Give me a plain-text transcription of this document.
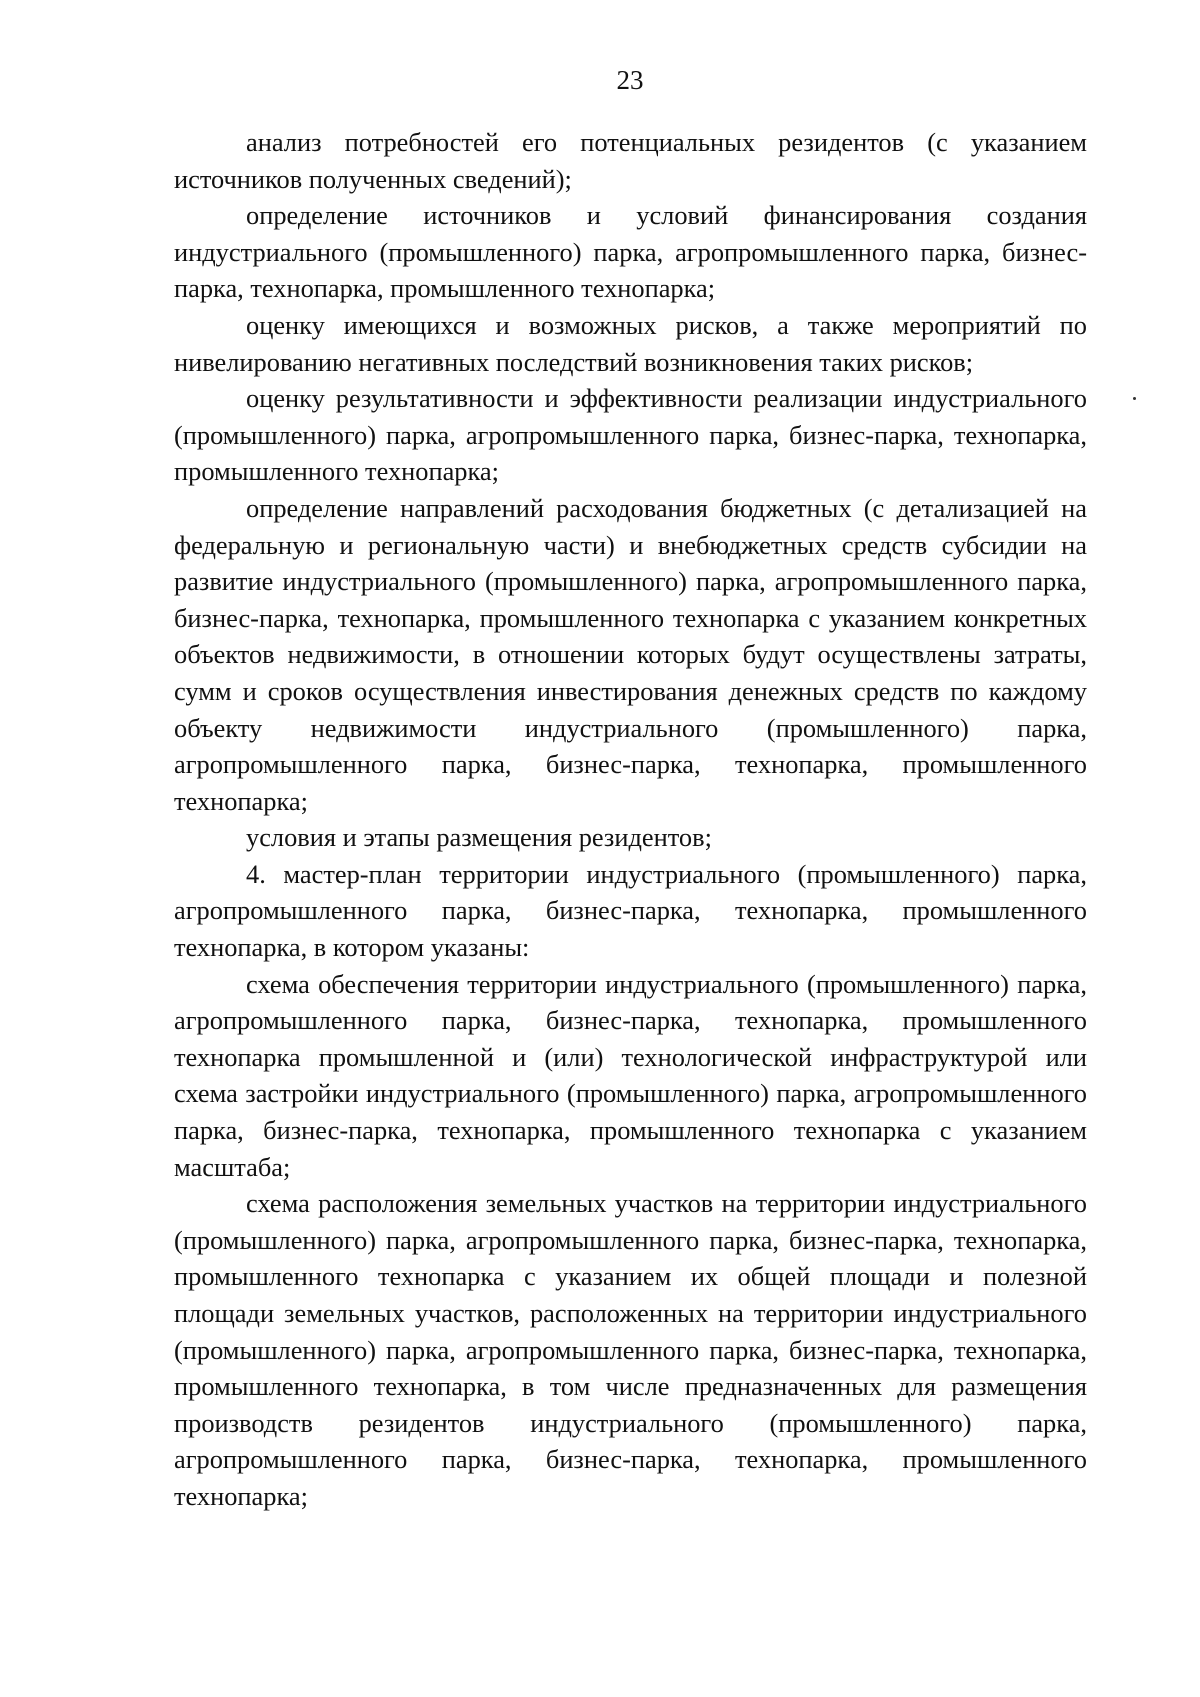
23

анализ потребностей его потенциальных резидентов (с указанием источников полученных сведений);

определение источников и условий финансирования создания индустриального (промышленного) парка, агропромышленного парка, бизнес-парка, технопарка, промышленного технопарка;

оценку имеющихся и возможных рисков, а также мероприятий по нивелированию негативных последствий возникновения таких рисков;

оценку результативности и эффективности реализации индустриального (промышленного) парка, агропромышленного парка, бизнес-парка, технопарка, промышленного технопарка;

определение направлений расходования бюджетных (с детализацией на федеральную и региональную части) и внебюджетных средств субсидии на развитие индустриального (промышленного) парка, агропромышленного парка, бизнес-парка, технопарка, промышленного технопарка с указанием конкретных объектов недвижимости, в отношении которых будут осуществлены затраты, сумм и сроков осуществления инвестирования денежных средств по каждому объекту недвижимости индустриального (промышленного) парка, агропромышленного парка, бизнес-парка, технопарка, промышленного технопарка;

условия и этапы размещения резидентов;

4. мастер-план территории индустриального (промышленного) парка, агропромышленного парка, бизнес-парка, технопарка, промышленного технопарка, в котором указаны:

схема обеспечения территории индустриального (промышленного) парка, агропромышленного парка, бизнес-парка, технопарка, промышленного технопарка промышленной и (или) технологической инфраструктурой или схема застройки индустриального (промышленного) парка, агропромышленного парка, бизнес-парка, технопарка, промышленного технопарка с указанием масштаба;

схема расположения земельных участков на территории индустриального (промышленного) парка, агропромышленного парка, бизнес-парка, технопарка, промышленного технопарка с указанием их общей площади и полезной площади земельных участков, расположенных на территории индустриального (промышленного) парка, агропромышленного парка, бизнес-парка, технопарка, промышленного технопарка, в том числе предназначенных для размещения производств резидентов индустриального (промышленного) парка, агропромышленного парка, бизнес-парка, технопарка, промышленного технопарка;
